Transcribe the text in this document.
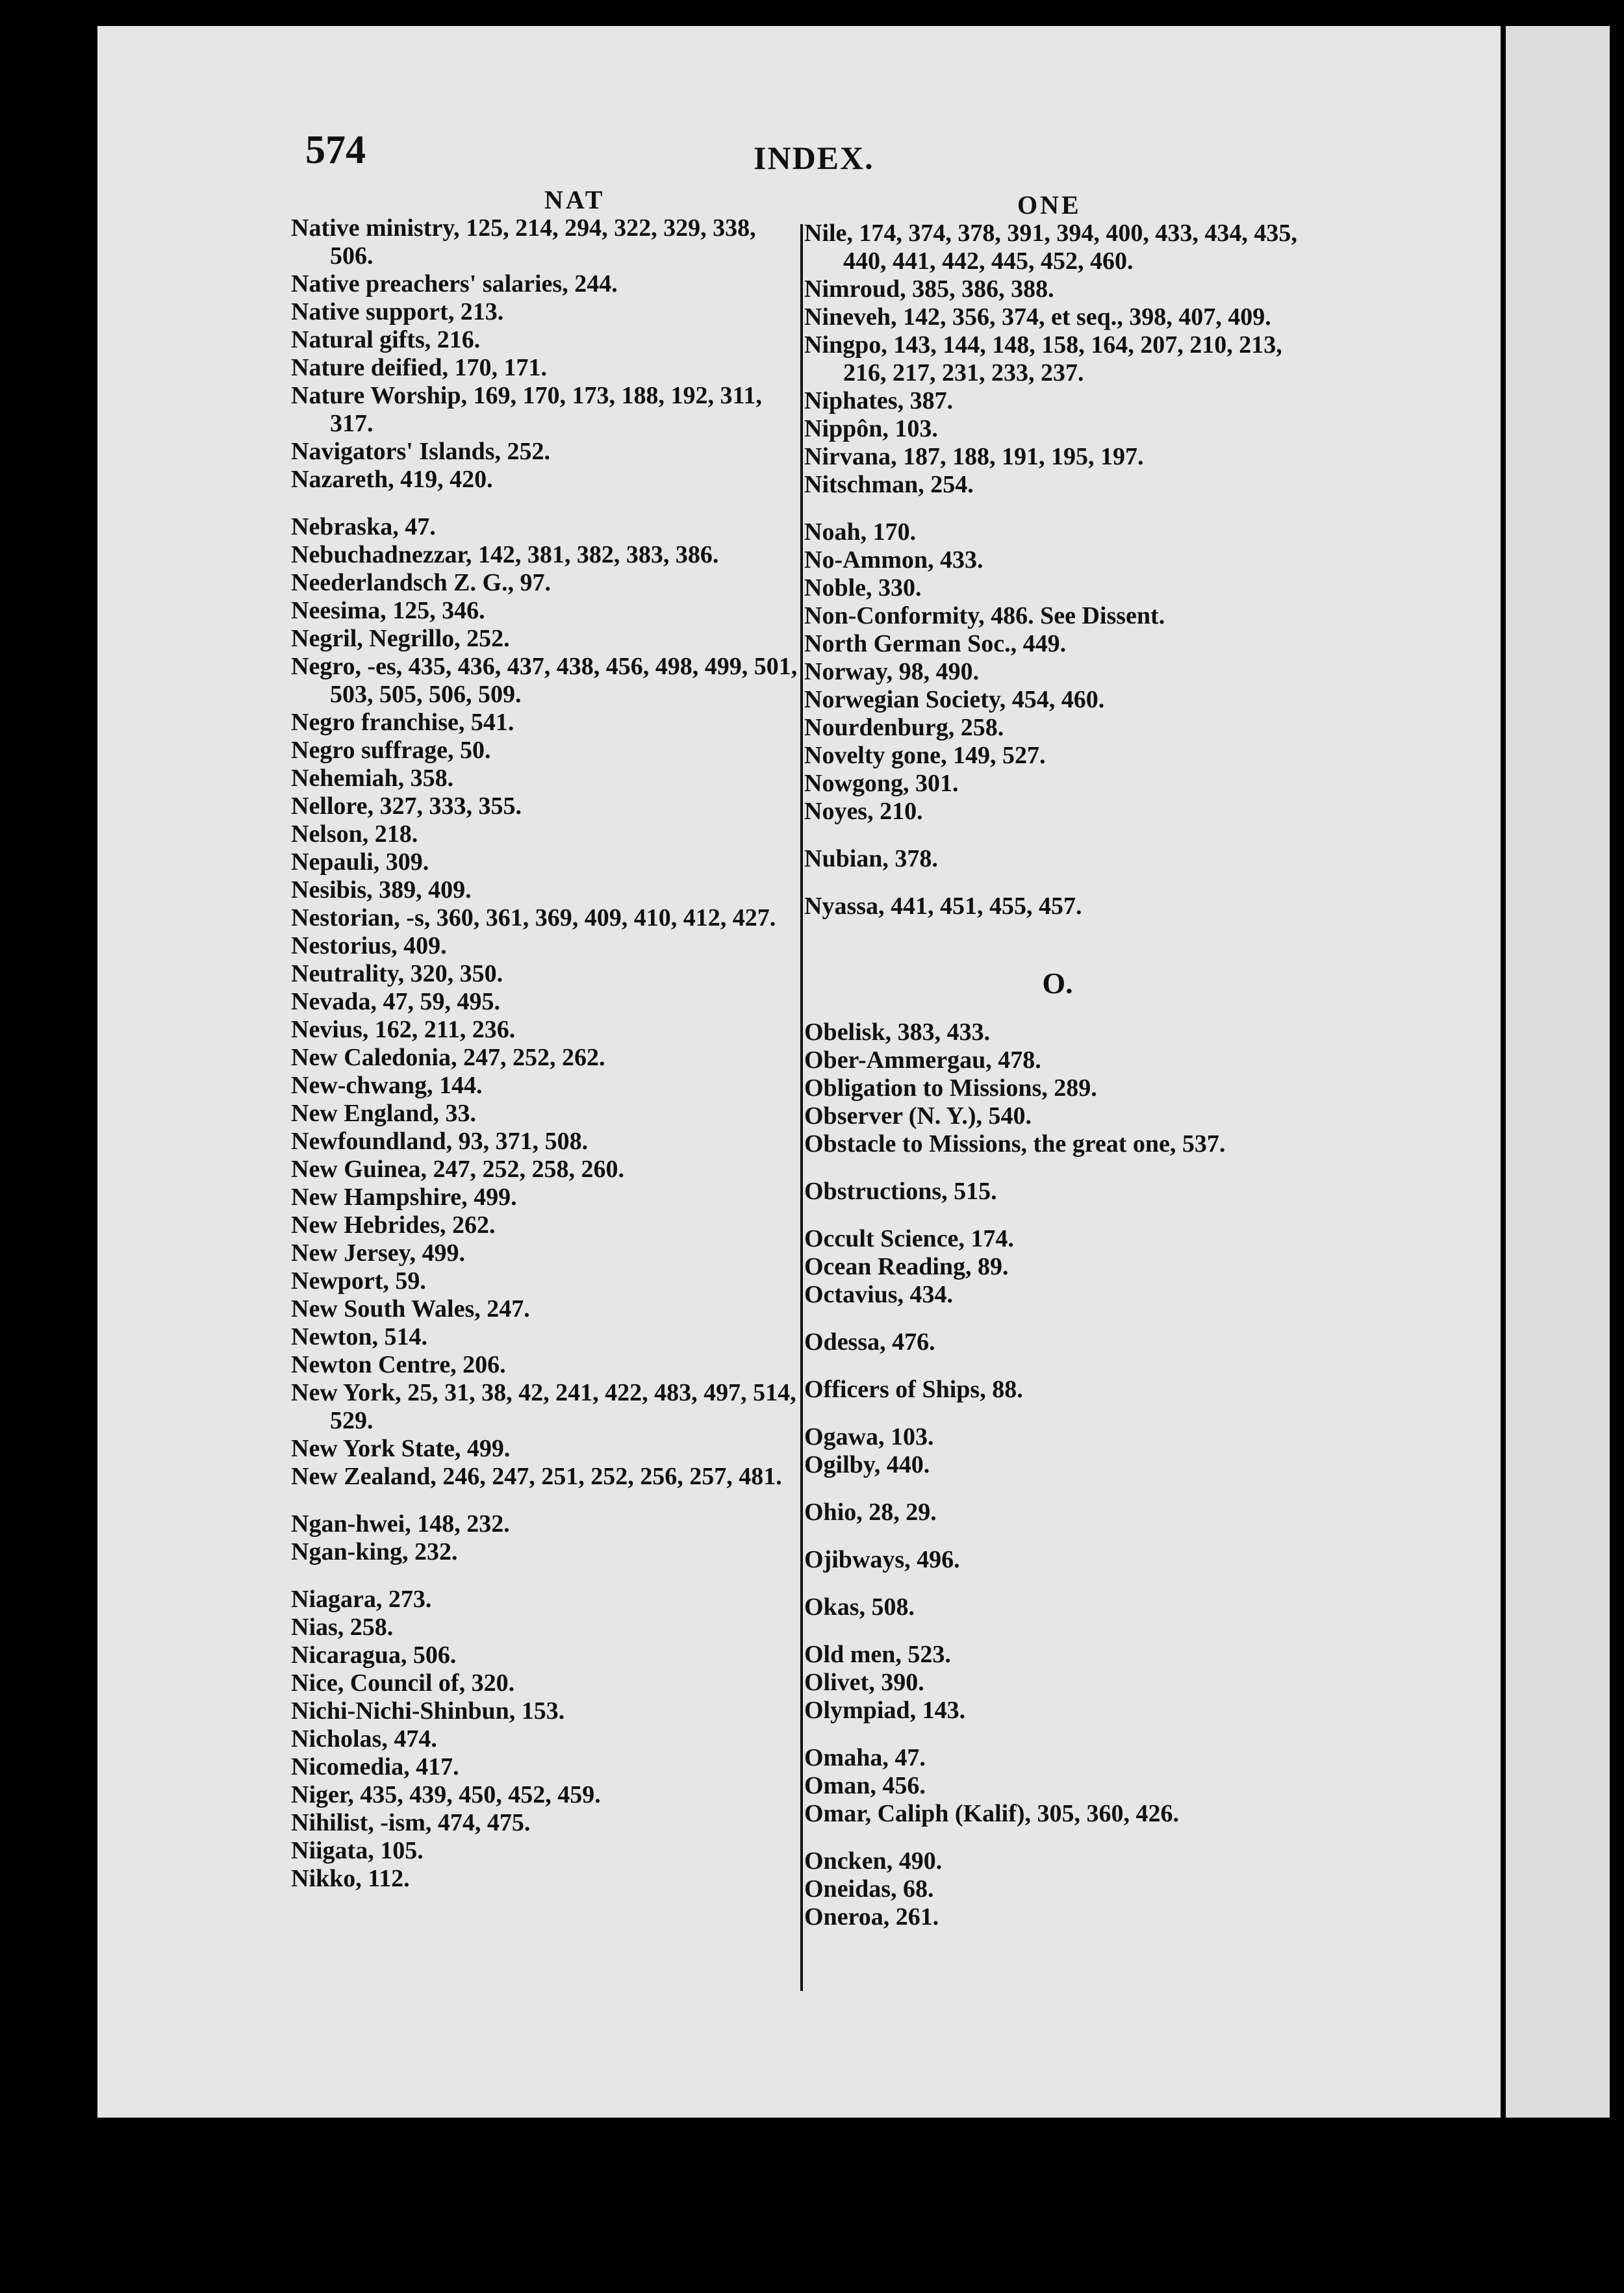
574	INDEX.
NAT	ONE
Native ministry, 125, 214, 294, 322, 329, 338, 506.
Native preachers' salaries, 244.
Native support, 213.
Natural gifts, 216.
Nature deified, 170, 171.
Nature Worship, 169, 170, 173, 188, 192, 311, 317.
Navigators' Islands, 252.
Nazareth, 419, 420.
Nebraska, 47.
Nebuchadnezzar, 142, 381, 382, 383, 386.
Neederlandsch Z. G., 97.
Neesima, 125, 346.
Negril, Negrillo, 252.
Negro, -es, 435, 436, 437, 438, 456, 498, 499, 501, 503, 505, 506, 509.
Negro franchise, 541.
Negro suffrage, 50.
Nehemiah, 358.
Nellore, 327, 333, 355.
Nelson, 218.
Nepauli, 309.
Nesibis, 389, 409.
Nestorian, -s, 360, 361, 369, 409, 410, 412, 427.
Nestorius, 409.
Neutrality, 320, 350.
Nevada, 47, 59, 495.
Nevius, 162, 211, 236.
New Caledonia, 247, 252, 262.
New-chwang, 144.
New England, 33.
Newfoundland, 93, 371, 508.
New Guinea, 247, 252, 258, 260.
New Hampshire, 499.
New Hebrides, 262.
New Jersey, 499.
Newport, 59.
New South Wales, 247.
Newton, 514.
Newton Centre, 206.
New York, 25, 31, 38, 42, 241, 422, 483, 497, 514, 529.
New York State, 499.
New Zealand, 246, 247, 251, 252, 256, 257, 481.
Ngan-hwei, 148, 232.
Ngan-king, 232.
Niagara, 273.
Nias, 258.
Nicaragua, 506.
Nice, Council of, 320.
Nichi-Nichi-Shinbun, 153.
Nicholas, 474.
Nicomedia, 417.
Niger, 435, 439, 450, 452, 459.
Nihilist, -ism, 474, 475.
Niigata, 105.
Nikko, 112.
Nile, 174, 374, 378, 391, 394, 400, 433, 434, 435, 440, 441, 442, 445, 452, 460.
Nimroud, 385, 386, 388.
Nineveh, 142, 356, 374, et seq., 398, 407, 409.
Ningpo, 143, 144, 148, 158, 164, 207, 210, 213, 216, 217, 231, 233, 237.
Niphates, 387.
Nippôn, 103.
Nirvana, 187, 188, 191, 195, 197.
Nitschman, 254.
Noah, 170.
No-Ammon, 433.
Noble, 330.
Non-Conformity, 486. See Dissent.
North German Soc., 449.
Norway, 98, 490.
Norwegian Society, 454, 460.
Nourdenburg, 258.
Novelty gone, 149, 527.
Nowgong, 301.
Noyes, 210.
Nubian, 378.
Nyassa, 441, 451, 455, 457.
O.
Obelisk, 383, 433.
Ober-Ammergau, 478.
Obligation to Missions, 289.
Observer (N. Y.), 540.
Obstacle to Missions, the great one, 537.
Obstructions, 515.
Occult Science, 174.
Ocean Reading, 89.
Octavius, 434.
Odessa, 476.
Officers of Ships, 88.
Ogawa, 103.
Ogilby, 440.
Ohio, 28, 29.
Ojibways, 496.
Okas, 508.
Old men, 523.
Olivet, 390.
Olympiad, 143.
Omaha, 47.
Oman, 456.
Omar, Caliph (Kalif), 305, 360, 426.
Oncken, 490.
Oneidas, 68.
Oneroa, 261.
